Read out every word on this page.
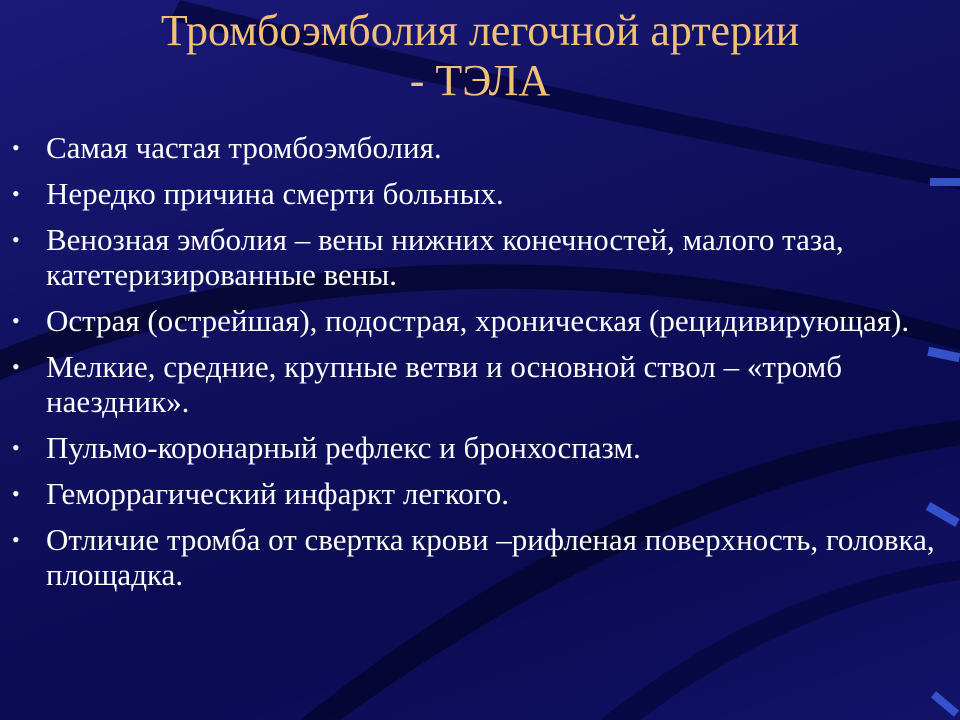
Тромбоэмболия легочной артерии
- ТЭЛА
• Самая частая тромбоэмболия.
• Нередко причина смерти больных.
• Венозная эмболия – вены нижних конечностей, малого таза, катетеризированные вены.
• Острая (острейшая), подострая, хроническая (рецидивирующая).
• Мелкие, средние, крупные ветви и основной ствол – «тромб наездник».
• Пульмо-коронарный рефлекс и бронхоспазм.
• Геморрагический инфаркт легкого.
• Отличие тромба от свертка крови –рифленая поверхность, головка, площадка.
